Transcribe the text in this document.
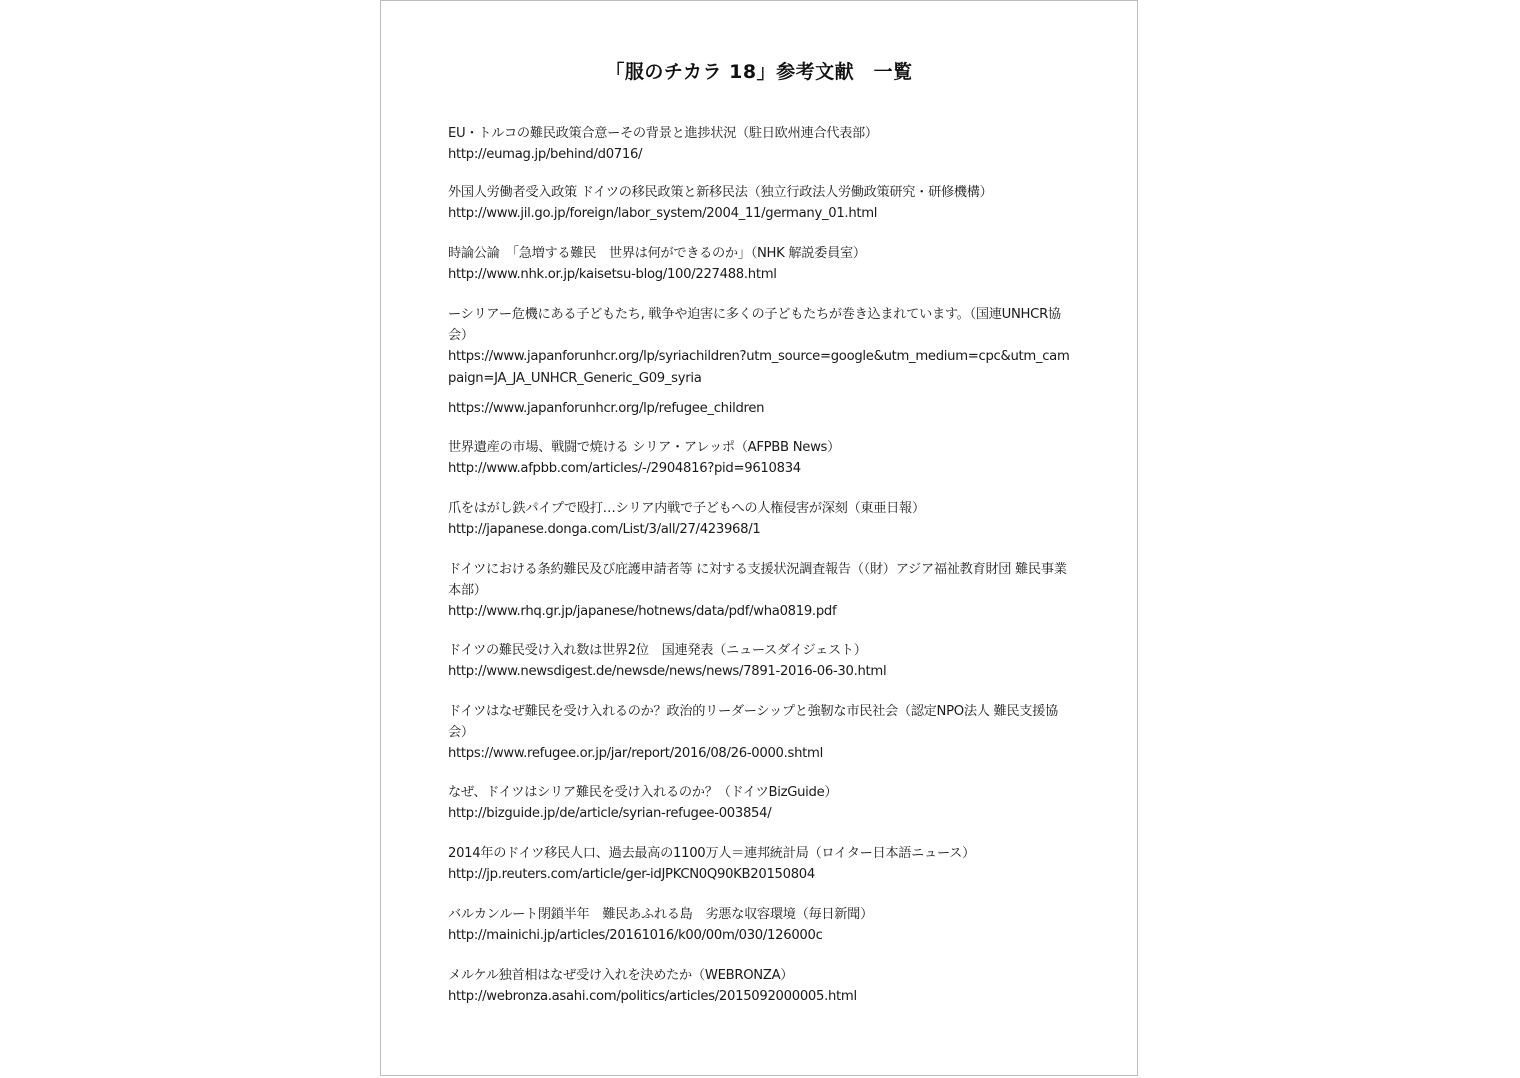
「服のチカラ 18」参考文献　一覧
EU・トルコの難民政策合意ーその背景と進捗状況（駐日欧州連合代表部）
http://eumag.jp/behind/d0716/
外国人労働者受入政策 ドイツの移民政策と新移民法（独立行政法人労働政策研究・研修機構）
http://www.jil.go.jp/foreign/labor_system/2004_11/germany_01.html
時論公論　「急増する難民　世界は何ができるのか」（NHK 解説委員室）
http://www.nhk.or.jp/kaisetsu-blog/100/227488.html
ーシリアー危機にある子どもたち, 戦争や迫害に多くの子どもたちが巻き込まれています。（国連UNHCR協会）
https://www.japanforunhcr.org/lp/syriachildren?utm_source=google&utm_medium=cpc&utm_campaign=JA_JA_UNHCR_Generic_G09_syria
https://www.japanforunhcr.org/lp/refugee_children
世界遺産の市場、戦闘で焼ける シリア・アレッポ（AFPBB News）
http://www.afpbb.com/articles/-/2904816?pid=9610834
爪をはがし鉄パイプで殴打…シリア内戦で子どもへの人権侵害が深刻（東亜日報）
http://japanese.donga.com/List/3/all/27/423968/1
ドイツにおける条約難民及び庇護申請者等 に対する支援状況調査報告（（財）アジア福祉教育財団 難民事業本部）
http://www.rhq.gr.jp/japanese/hotnews/data/pdf/wha0819.pdf
ドイツの難民受け入れ数は世界2位　国連発表（ニュースダイジェスト）
http://www.newsdigest.de/newsde/news/news/7891-2016-06-30.html
ドイツはなぜ難民を受け入れるのか？政治的リーダーシップと強靭な市民社会（認定NPO法人 難民支援協会）
https://www.refugee.or.jp/jar/report/2016/08/26-0000.shtml
なぜ、ドイツはシリア難民を受け入れるのか？（ドイツBizGuide）
http://bizguide.jp/de/article/syrian-refugee-003854/
2014年のドイツ移民人口、過去最高の1100万人＝連邦統計局（ロイター日本語ニュース）
http://jp.reuters.com/article/ger-idJPKCN0Q90KB20150804
バルカンルート閉鎖半年　難民あふれる島　劣悪な収容環境（毎日新聞）
http://mainichi.jp/articles/20161016/k00/00m/030/126000c
メルケル独首相はなぜ受け入れを決めたか（WEBRONZA）
http://webronza.asahi.com/politics/articles/2015092000005.html
